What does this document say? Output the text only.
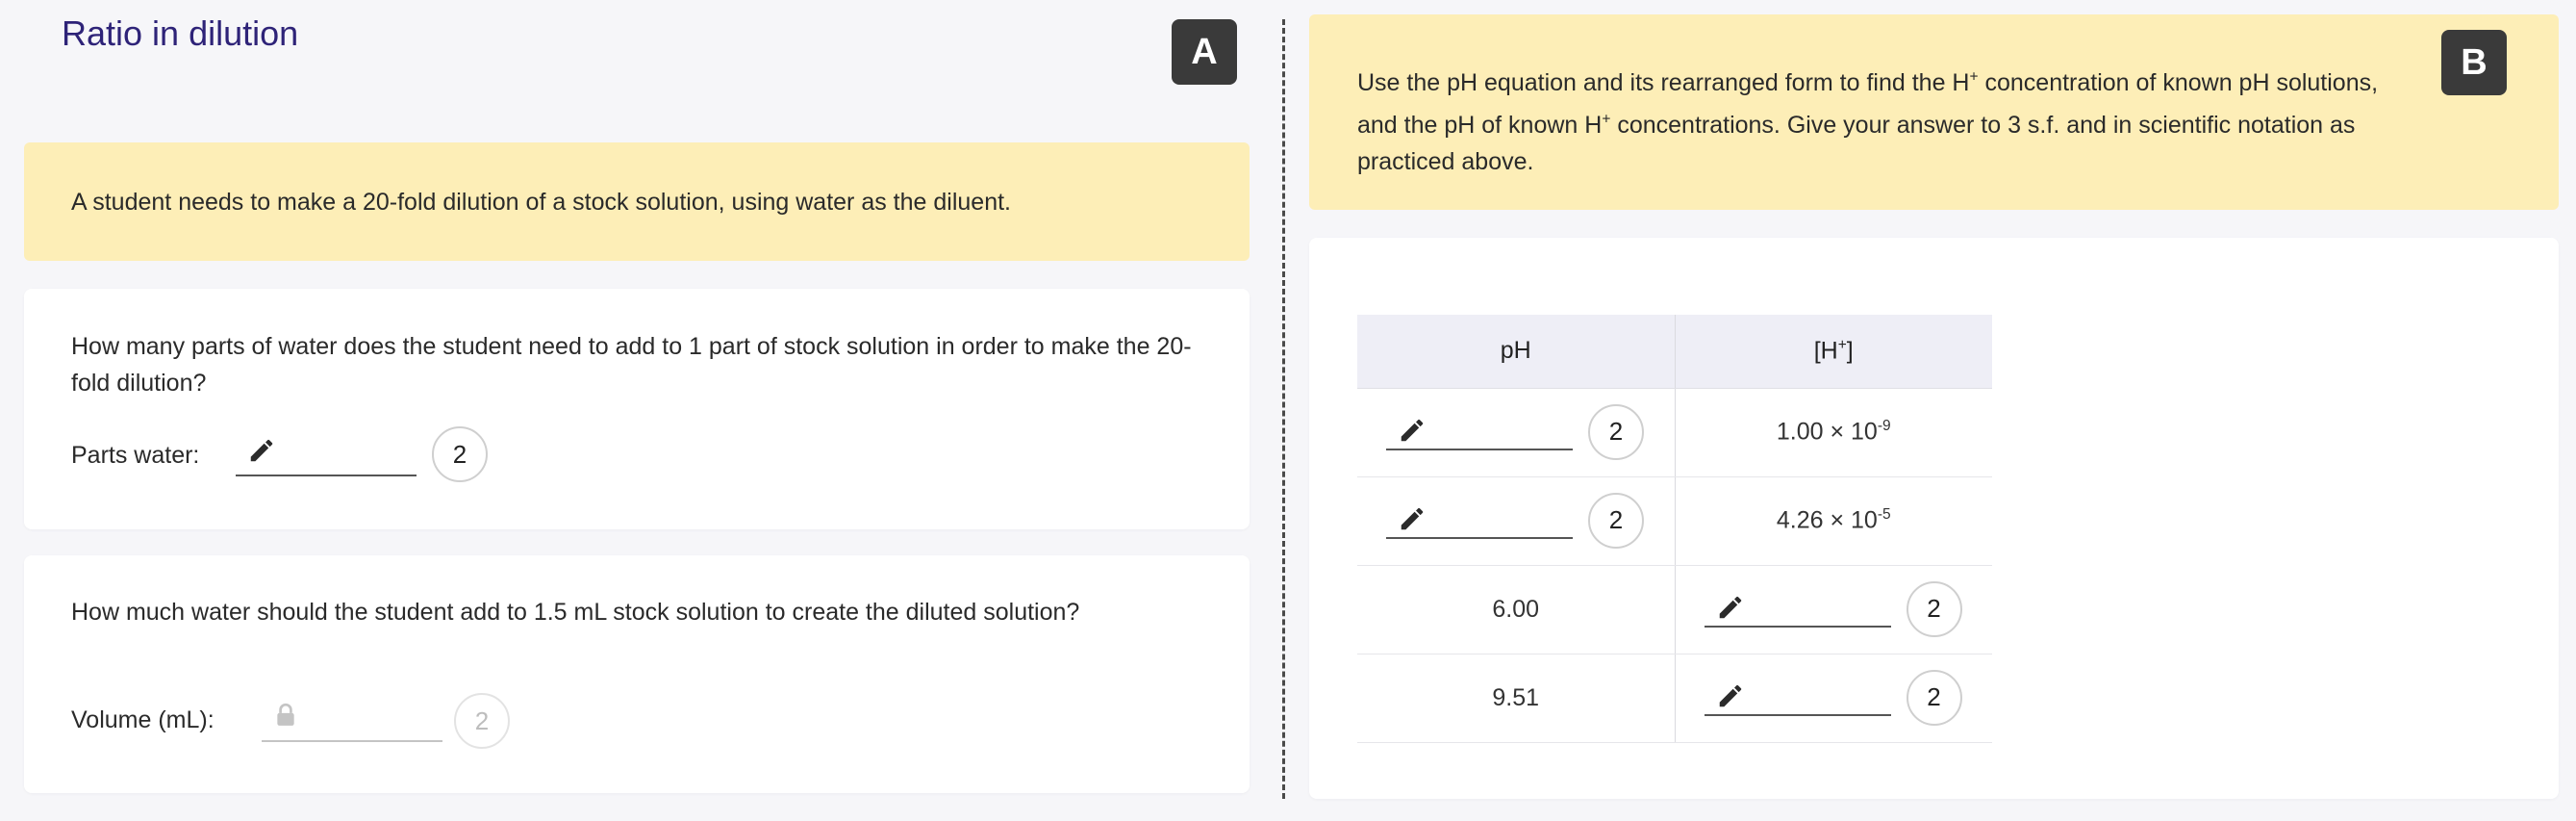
Ratio in dilution	A
A student needs to make a 20-fold dilution of a stock solution, using water as the diluent.
How many parts of water does the student need to add to 1 part of stock solution in order to make the 20-fold dilution?
Parts water:	2
How much water should the student add to 1.5 mL stock solution to create the diluted solution?
Volume (mL):	2
Use the pH equation and its rearranged form to find the H+ concentration of known pH solutions, and the pH of known H+ concentrations. Give your answer to 3 s.f. and in scientific notation as practiced above.
B
pH	[H+]

2	$1.00 \times 10^{-9}$

2	$4.26 \times 10^{-5}$
6.00	2

9.51	2
